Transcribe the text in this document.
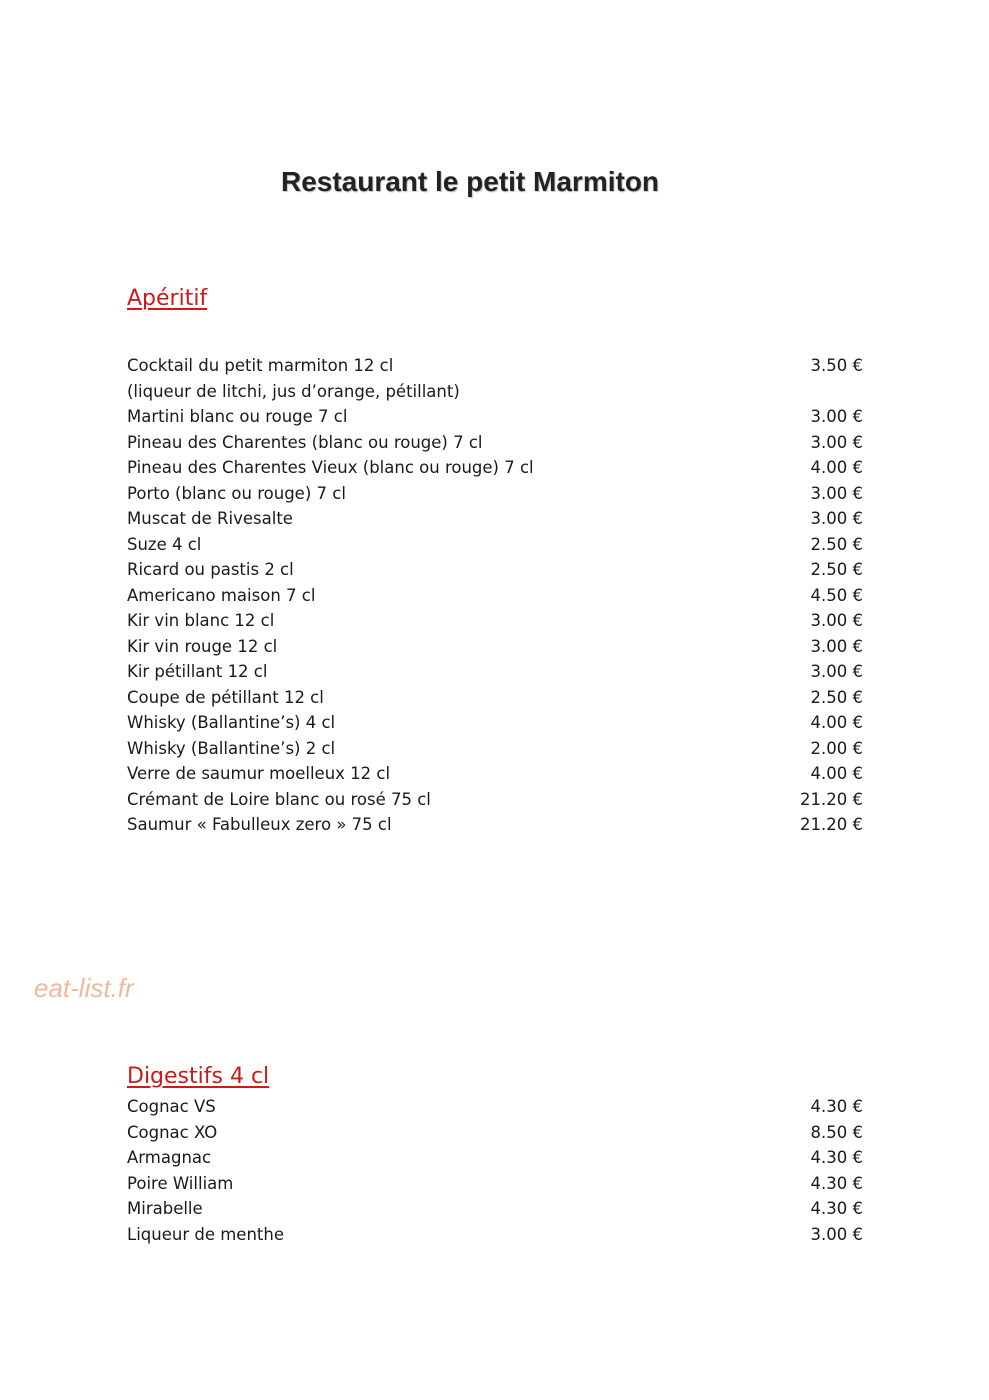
Restaurant le petit Marmiton
Apéritif
Cocktail du petit marmiton 12 cl	3.50 €
(liqueur de litchi, jus d’orange, pétillant)
Martini blanc ou rouge 7 cl	3.00 €
Pineau des Charentes (blanc ou rouge) 7 cl	3.00 €
Pineau des Charentes Vieux (blanc ou rouge) 7 cl	4.00 €
Porto (blanc ou rouge) 7 cl	3.00 €
Muscat de Rivesalte	3.00 €
Suze 4 cl	2.50 €
Ricard ou pastis 2 cl	2.50 €
Americano maison 7 cl	4.50 €
Kir vin blanc 12 cl	3.00 €
Kir vin rouge 12 cl	3.00 €
Kir pétillant 12 cl	3.00 €
Coupe de pétillant 12 cl	2.50 €
Whisky (Ballantine’s) 4 cl	4.00 €
Whisky (Ballantine’s) 2 cl	2.00 €
Verre de saumur moelleux 12 cl	4.00 €
Crémant de Loire blanc ou rosé 75 cl	21.20 €
Saumur « Fabulleux zero » 75 cl	21.20 €
eat-list.fr
Digestifs 4 cl
Cognac VS	4.30 €
Cognac XO	8.50 €
Armagnac	4.30 €
Poire William	4.30 €
Mirabelle	4.30 €
Liqueur de menthe	3.00 €
